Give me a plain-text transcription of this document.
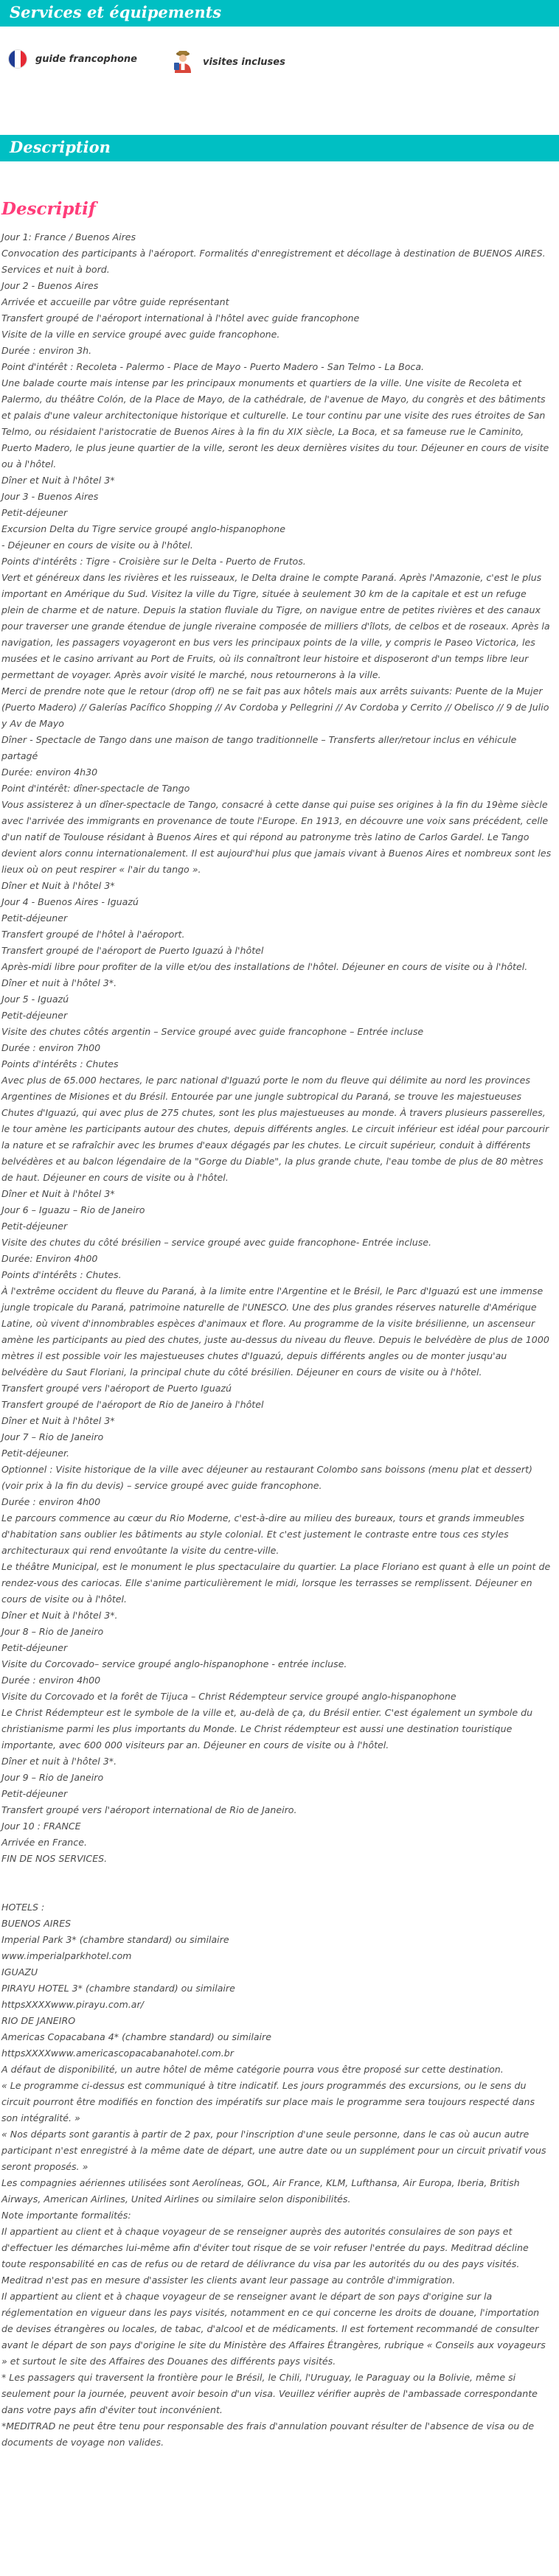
Services et équipements
guide francophone	visites incluses
Description
Descriptif

Jour 1: France / Buenos Aires

Convocation des participants à l'aéroport. Formalités d'enregistrement et décollage à destination de BUENOS AIRES. Services et nuit à bord.

Jour 2 - Buenos Aires

Arrivée et accueille par vôtre guide représentant

Transfert groupé de l'aéroport international à l'hôtel avec guide francophone

Visite de la ville en service groupé avec guide francophone.

Durée : environ 3h.

Point d'intérêt : Recoleta - Palermo - Place de Mayo - Puerto Madero - San Telmo - La Boca.

Une balade courte mais intense par les principaux monuments et quartiers de la ville. Une visite de Recoleta et Palermo, du théâtre Colón, de la Place de Mayo, de la cathédrale, de l'avenue de Mayo, du congrès et des bâtiments et palais d'une valeur architectonique historique et culturelle. Le tour continu par une visite des rues étroites de San Telmo, ou résidaient l'aristocratie de Buenos Aires à la fin du XIX siècle, La Boca, et sa fameuse rue le Caminito, Puerto Madero, le plus jeune quartier de la ville, seront les deux dernières visites du tour. Déjeuner en cours de visite ou à l'hôtel.

Dîner et Nuit à l'hôtel 3*

Jour 3 - Buenos Aires

Petit-déjeuner

Excursion Delta du Tigre service groupé anglo-hispanophone

- Déjeuner en cours de visite ou à l'hôtel.

Points d'intérêts : Tigre - Croisière sur le Delta - Puerto de Frutos.

Vert et généreux dans les rivières et les ruisseaux, le Delta draine le compte Paraná. Après l'Amazonie, c'est le plus important en Amérique du Sud. Visitez la ville du Tigre, située à seulement 30 km de la capitale et est un refuge plein de charme et de nature. Depuis la station fluviale du Tigre, on navigue entre de petites rivières et des canaux pour traverser une grande étendue de jungle riveraine composée de milliers d'îlots, de celbos et de roseaux. Après la navigation, les passagers voyageront en bus vers les principaux points de la ville, y compris le Paseo Victorica, les musées et le casino arrivant au Port de Fruits, où ils connaîtront leur histoire et disposeront d'un temps libre leur permettant de voyager. Après avoir visité le marché, nous retournerons à la ville.

Merci de prendre note que le retour (drop off) ne se fait pas aux hôtels mais aux arrêts suivants: Puente de la Mujer (Puerto Madero) // Galerías Pacífico Shopping // Av Cordoba y Pellegrini // Av Cordoba y Cerrito // Obelisco // 9 de Julio y Av de Mayo

Dîner - Spectacle de Tango dans une maison de tango traditionnelle – Transferts aller/retour inclus en véhicule partagé

Durée: environ 4h30

Point d'intérêt: dîner-spectacle de Tango

Vous assisterez à un dîner-spectacle de Tango, consacré à cette danse qui puise ses origines à la fin du 19ème siècle avec l'arrivée des immigrants en provenance de toute l'Europe. En 1913, en découvre une voix sans précédent, celle d'un natif de Toulouse résidant à Buenos Aires et qui répond au patronyme très latino de Carlos Gardel. Le Tango devient alors connu internationalement. Il est aujourd'hui plus que jamais vivant à Buenos Aires et nombreux sont les lieux où on peut respirer « l'air du tango ».

Dîner et Nuit à l'hôtel 3*

Jour 4 - Buenos Aires - Iguazú

Petit-déjeuner

Transfert groupé de l'hôtel à l'aéroport.

Transfert groupé de l'aéroport de Puerto Iguazú à l'hôtel

Après-midi libre pour profiter de la ville et/ou des installations de l'hôtel. Déjeuner en cours de visite ou à l'hôtel.

Dîner et nuit à l'hôtel 3*.

Jour 5 - Iguazú

Petit-déjeuner

Visite des chutes côtés argentin – Service groupé avec guide francophone – Entrée incluse

Durée : environ 7h00

Points d'intérêts : Chutes

Avec plus de 65.000 hectares, le parc national d'Iguazú porte le nom du fleuve qui délimite au nord les provinces Argentines de Misiones et du Brésil. Entourée par une jungle subtropical du Paraná, se trouve les majestueuses Chutes d'Iguazú, qui avec plus de 275 chutes, sont les plus majestueuses au monde. À travers plusieurs passerelles, le tour amène les participants autour des chutes, depuis différents angles. Le circuit inférieur est idéal pour parcourir la nature et se rafraîchir avec les brumes d'eaux dégagés par les chutes. Le circuit supérieur, conduit à différents belvédères et au balcon légendaire de la "Gorge du Diable", la plus grande chute, l'eau tombe de plus de 80 mètres de haut. Déjeuner en cours de visite ou à l'hôtel.

Dîner et Nuit à l'hôtel 3*

Jour 6 – Iguazu – Rio de Janeiro

Petit-déjeuner

Visite des chutes du côté brésilien – service groupé avec guide francophone- Entrée incluse.

Durée: Environ 4h00

Points d'intérêts : Chutes.

À l'extrême occident du fleuve du Paraná, à la limite entre l'Argentine et le Brésil, le Parc d'Iguazú est une immense jungle tropicale du Paraná, patrimoine naturelle de l'UNESCO. Une des plus grandes réserves naturelle d'Amérique Latine, où vivent d'innombrables espèces d'animaux et flore. Au programme de la visite brésilienne, un ascenseur amène les participants au pied des chutes, juste au-dessus du niveau du fleuve. Depuis le belvédère de plus de 1000 mètres il est possible voir les majestueuses chutes d'Iguazú, depuis différents angles ou de monter jusqu'au belvédère du Saut Floriani, la principal chute du côté brésilien. Déjeuner en cours de visite ou à l'hôtel.

Transfert groupé vers l'aéroport de Puerto Iguazú

Transfert groupé de l'aéroport de Rio de Janeiro à l'hôtel

Dîner et Nuit à l'hôtel 3*

Jour 7 – Rio de Janeiro

Petit-déjeuner.

Optionnel : Visite historique de la ville avec déjeuner au restaurant Colombo sans boissons (menu plat et dessert) (voir prix à la fin du devis) – service groupé avec guide francophone.

Durée : environ 4h00

Le parcours commence au cœur du Rio Moderne, c'est-à-dire au milieu des bureaux, tours et grands immeubles d'habitation sans oublier les bâtiments au style colonial. Et c'est justement le contraste entre tous ces styles architecturaux qui rend envoûtante la visite du centre-ville.

Le théâtre Municipal, est le monument le plus spectaculaire du quartier. La place Floriano est quant à elle un point de rendez-vous des cariocas. Elle s'anime particulièrement le midi, lorsque les terrasses se remplissent. Déjeuner en cours de visite ou à l'hôtel.

Dîner et Nuit à l'hôtel 3*.

Jour 8 – Rio de Janeiro

Petit-déjeuner

Visite du Corcovado– service groupé anglo-hispanophone - entrée incluse.

Durée : environ 4h00

Visite du Corcovado et la forêt de Tijuca – Christ Rédempteur service groupé anglo-hispanophone

Le Christ Rédempteur est le symbole de la ville et, au-delà de ça, du Brésil entier. C'est également un symbole du christianisme parmi les plus importants du Monde. Le Christ rédempteur est aussi une destination touristique importante, avec 600 000 visiteurs par an. Déjeuner en cours de visite ou à l'hôtel.

Dîner et nuit à l'hôtel 3*.

Jour 9 – Rio de Janeiro

Petit-déjeuner

Transfert groupé vers l'aéroport international de Rio de Janeiro.

Jour 10 : FRANCE

Arrivée en France.

FIN DE NOS SERVICES.

HOTELS :

BUENOS AIRES

Imperial Park 3* (chambre standard) ou similaire

www.imperialparkhotel.com

IGUAZU

PIRAYU HOTEL 3* (chambre standard) ou similaire

httpsXXXXwww.pirayu.com.ar/

RIO DE JANEIRO

Americas Copacabana 4* (chambre standard) ou similaire

httpsXXXXwww.americascopacabanahotel.com.br

A défaut de disponibilité, un autre hôtel de même catégorie pourra vous être proposé sur cette destination.

« Le programme ci-dessus est communiqué à titre indicatif. Les jours programmés des excursions, ou le sens du circuit pourront être modifiés en fonction des impératifs sur place mais le programme sera toujours respecté dans son intégralité. »

« Nos départs sont garantis à partir de 2 pax, pour l'inscription d'une seule personne, dans le cas où aucun autre participant n'est enregistré à la même date de départ, une autre date ou un supplément pour un circuit privatif vous seront proposés. »

Les compagnies aériennes utilisées sont Aerolíneas, GOL, Air France, KLM, Lufthansa, Air Europa, Iberia, British Airways, American Airlines, United Airlines ou similaire selon disponibilités.

Note importante formalités:

Il appartient au client et à chaque voyageur de se renseigner auprès des autorités consulaires de son pays et d'effectuer les démarches lui-même afin d'éviter tout risque de se voir refuser l'entrée du pays. Meditrad décline toute responsabilité en cas de refus ou de retard de délivrance du visa par les autorités du ou des pays visités. Meditrad n'est pas en mesure d'assister les clients avant leur passage au contrôle d'immigration.

Il appartient au client et à chaque voyageur de se renseigner avant le départ de son pays d'origine sur la réglementation en vigueur dans les pays visités, notamment en ce qui concerne les droits de douane, l'importation de devises étrangères ou locales, de tabac, d'alcool et de médicaments. Il est fortement recommandé de consulter avant le départ de son pays d'origine le site du Ministère des Affaires Étrangères, rubrique « Conseils aux voyageurs » et surtout le site des Affaires des Douanes des différents pays visités.

* Les passagers qui traversent la frontière pour le Brésil, le Chili, l'Uruguay, le Paraguay ou la Bolivie, même si seulement pour la journée, peuvent avoir besoin d'un visa. Veuillez vérifier auprès de l'ambassade correspondante dans votre pays afin d'éviter tout inconvénient.

*MEDITRAD ne peut être tenu pour responsable des frais d'annulation pouvant résulter de l'absence de visa ou de documents de voyage non valides.
